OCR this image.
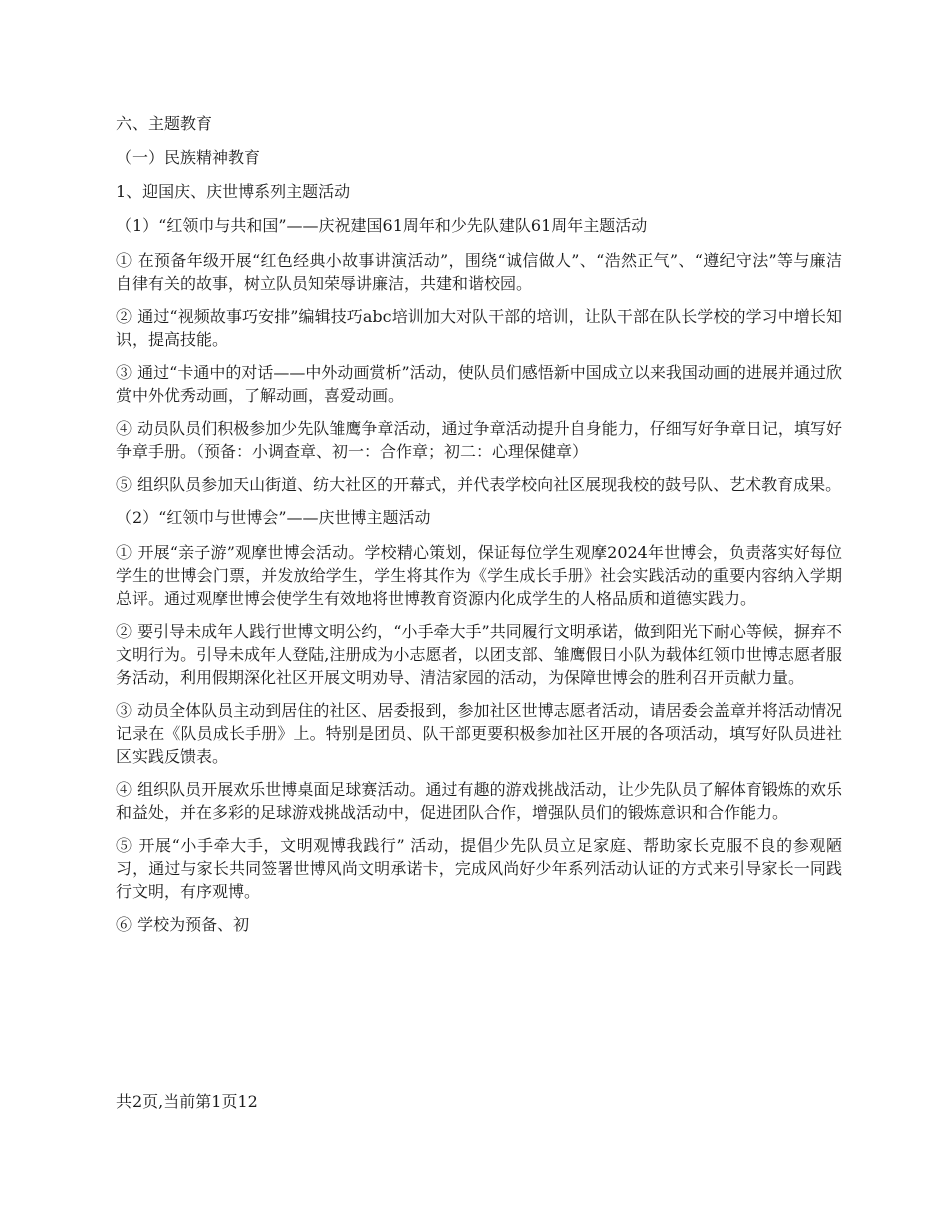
六、主题教育

（一）民族精神教育

1、迎国庆、庆世博系列主题活动

（1）“红领巾与共和国”——庆祝建国61周年和少先队建队61周年主题活动

① 在预备年级开展“红色经典小故事讲演活动”，围绕“诚信做人”、“浩然正气”、“遵纪守法”等与廉洁自律有关的故事，树立队员知荣辱讲廉洁，共建和谐校园。

② 通过“视频故事巧安排”编辑技巧abc培训加大对队干部的培训，让队干部在队长学校的学习中增长知识，提高技能。

③ 通过“卡通中的对话——中外动画赏析”活动，使队员们感悟新中国成立以来我国动画的进展并通过欣赏中外优秀动画，了解动画，喜爱动画。

④ 动员队员们积极参加少先队雏鹰争章活动，通过争章活动提升自身能力，仔细写好争章日记，填写好争章手册。（预备：小调查章、初一：合作章；初二：心理保健章）

⑤ 组织队员参加天山街道、纺大社区的开幕式，并代表学校向社区展现我校的鼓号队、艺术教育成果。

（2）“红领巾与世博会”——庆世博主题活动

① 开展“亲子游”观摩世博会活动。学校精心策划，保证每位学生观摩2024年世博会，负责落实好每位学生的世博会门票，并发放给学生，学生将其作为《学生成长手册》社会实践活动的重要内容纳入学期总评。通过观摩世博会使学生有效地将世博教育资源内化成学生的人格品质和道德实践力。

② 要引导未成年人践行世博文明公约，“小手牵大手”共同履行文明承诺，做到阳光下耐心等候，摒弃不文明行为。引导未成年人登陆,注册成为小志愿者，以团支部、雏鹰假日小队为载体红领巾世博志愿者服务活动，利用假期深化社区开展文明劝导、清洁家园的活动，为保障世博会的胜利召开贡献力量。

③ 动员全体队员主动到居住的社区、居委报到，参加社区世博志愿者活动，请居委会盖章并将活动情况记录在《队员成长手册》上。特别是团员、队干部更要积极参加社区开展的各项活动，填写好队员进社区实践反馈表。

④ 组织队员开展欢乐世博桌面足球赛活动。通过有趣的游戏挑战活动，让少先队员了解体育锻炼的欢乐和益处，并在多彩的足球游戏挑战活动中，促进团队合作，增强队员们的锻炼意识和合作能力。

⑤ 开展“小手牵大手，文明观博我践行” 活动，提倡少先队员立足家庭、帮助家长克服不良的参观陋习，通过与家长共同签署世博风尚文明承诺卡，完成风尚好少年系列活动认证的方式来引导家长一同践行文明，有序观博。

⑥ 学校为预备、初

共2页,当前第1页12
